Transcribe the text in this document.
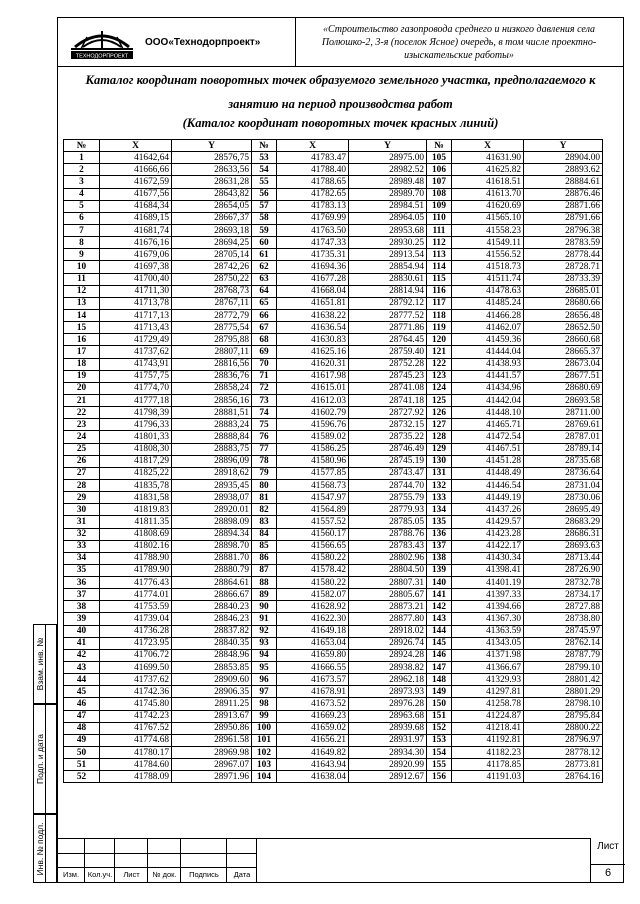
ТЕХНОДОРПРОЕКТ
ООО«Технодорпроект»
«Строительство газопровода среднего и низкого давления села Полюшко-2, 3-я (поселок Ясное) очередь, в том числе проектно-изыскательские работы»
Каталог координат поворотных точек образуемого земельного участка, предполагаемого к занятию на период производства работ
(Каталог координат поворотных точек красных линий)
№	X	Y	№	X	Y	№	X	Y
1	41642,64	28576,75	53	41783.47	28975.00	105	41631.90	28904.00
2	41666,66	28633,56	54	41788.40	28982.52	106	41625.82	28893.62
3	41672,59	28631,28	55	41788.65	28989.48	107	41618.51	28884.61
4	41677,56	28643,82	56	41782.65	28989.70	108	41613.70	28876.46
5	41684,34	28654,05	57	41783.13	28984.51	109	41620.69	28871.66
6	41689,15	28667,37	58	41769.99	28964.05	110	41565.10	28791.66
7	41681,74	28693,18	59	41763.50	28953.68	111	41558.23	28796.38
8	41676,16	28694,25	60	41747.33	28930.25	112	41549.11	28783.59
9	41679,06	28705,14	61	41735.31	28913.54	113	41556.52	28778.44
10	41697,38	28742,26	62	41694.36	28854.94	114	41518.73	28728.71
11	41700,40	28750,22	63	41677.28	28830.61	115	41511.74	28733.39
12	41711,30	28768,73	64	41668.04	28814.94	116	41478.63	28685.01
13	41713,78	28767,11	65	41651.81	28792.12	117	41485.24	28680.66
14	41717,13	28772,79	66	41638.22	28777.52	118	41466.28	28656.48
15	41713,43	28775,54	67	41636.54	28771.86	119	41462.07	28652.50
16	41729,49	28795,88	68	41630.83	28764.45	120	41459.36	28660.68
17	41737,62	28807,11	69	41625.16	28759.40	121	41444.04	28665.37
18	41743,91	28816,56	70	41620.31	28752.28	122	41438.93	28673.04
19	41757,75	28836,76	71	41617.98	28745.23	123	41441.57	28677.51
20	41774,70	28858,24	72	41615.01	28741.08	124	41434.96	28680.69
21	41777,18	28856,16	73	41612.03	28741.18	125	41442.04	28693.58
22	41798,39	28881,51	74	41602.79	28727.92	126	41448.10	28711.00
23	41796,33	28883,24	75	41596.76	28732.15	127	41465.71	28769.61
24	41801,33	28888,84	76	41589.02	28735.22	128	41472.54	28787.01
25	41808,30	28883,75	77	41586.25	28746.49	129	41467.51	28789.14
26	41817,29	28896,09	78	41580.96	28745.19	130	41451.28	28735.68
27	41825,22	28918,62	79	41577.85	28743.47	131	41448.49	28736.64
28	41835,78	28935,45	80	41568.73	28744.70	132	41446.54	28731.04
29	41831,58	28938,07	81	41547.97	28755.79	133	41449.19	28730.06
30	41819.83	28920.01	82	41564.89	28779.93	134	41437.26	28695.49
31	41811.35	28898.09	83	41557.52	28785.05	135	41429.57	28683.29
32	41808.69	28894.34	84	41560.17	28788.76	136	41423.28	28686.31
33	41802.16	28898.70	85	41566.65	28783.43	137	41422.17	28693.63
34	41788.90	28881.70	86	41580.22	28802.96	138	41430.34	28713.44
35	41789.90	28880.79	87	41578.42	28804.50	139	41398.41	28726.90
36	41776.43	28864.61	88	41580.22	28807.31	140	41401.19	28732.78
37	41774.01	28866.67	89	41582.07	28805.67	141	41397.33	28734.17
38	41753.59	28840.23	90	41628.92	28873.21	142	41394.66	28727.88
39	41739.04	28846.23	91	41622.30	28877.80	143	41367.30	28738.80
40	41736.28	28837.82	92	41649.18	28918.02	144	41363.59	28745.97
41	41723.95	28840.35	93	41653.04	28926.74	145	41343.05	28762.14
42	41706.72	28848.96	94	41659.80	28924.28	146	41371.98	28787.79
43	41699.50	28853.85	95	41666.55	28938.82	147	41366.67	28799.10
44	41737.62	28909.60	96	41673.57	28962.18	148	41329.93	28801.42
45	41742.36	28906.35	97	41678.91	28973.93	149	41297.81	28801.29
46	41745.80	28911.25	98	41673.52	28976.28	150	41258.78	28798.10
47	41742.23	28913.67	99	41669.23	28963.68	151	41224.87	28795.84
48	41767.52	28950.86	100	41659.02	28939.68	152	41218.41	28800.22
49	41774.68	28961.58	101	41656.21	28931.97	153	41192.81	28796.97
50	41780.17	28969.98	102	41649.82	28934.30	154	41182.23	28778.12
51	41784.60	28967.07	103	41643.94	28920.99	155	41178.85	28773.81
52	41788.09	28971.96	104	41638.04	28912.67	156	41191.03	28764.16
Взам. инв. №
Подп. и дата
Инв. № подл.	Изм.	Кол.уч.	Лист	№ док.	Подпись	Дата
Лист
6
